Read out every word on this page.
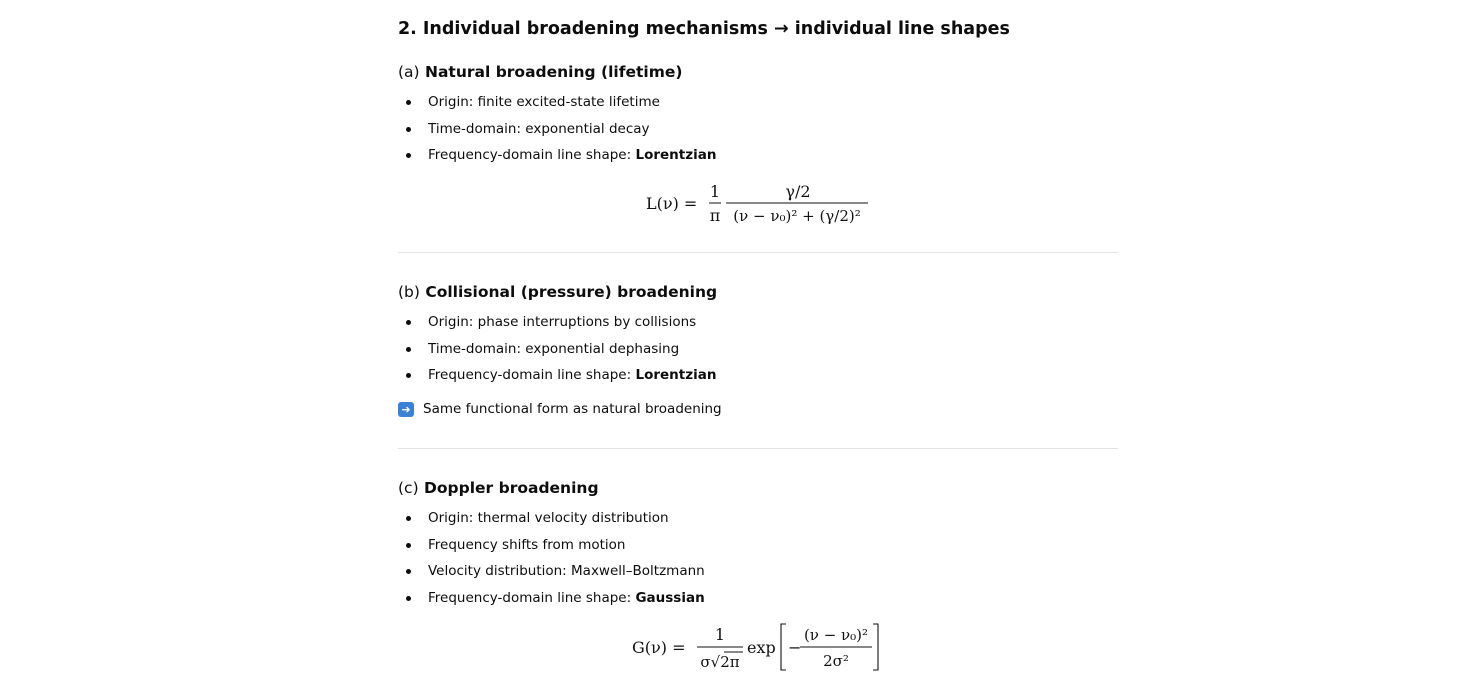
2. Individual broadening mechanisms → individual line shapes
(a) Natural broadening (lifetime)
Origin: finite excited-state lifetime
Time-domain: exponential decay
Frequency-domain line shape: Lorentzian
L(ν) =
1
π
γ/2
(ν − ν₀)² + (γ/2)²
(b) Collisional (pressure) broadening
Origin: phase interruptions by collisions
Time-domain: exponential dephasing
Frequency-domain line shape: Lorentzian
➜ Same functional form as natural broadening
(c) Doppler broadening
Origin: thermal velocity distribution
Frequency shifts from motion
Velocity distribution: Maxwell–Boltzmann
Frequency-domain line shape: Gaussian
G(ν) =
1
σ√2π
exp −
(ν − ν₀)²
2σ²
